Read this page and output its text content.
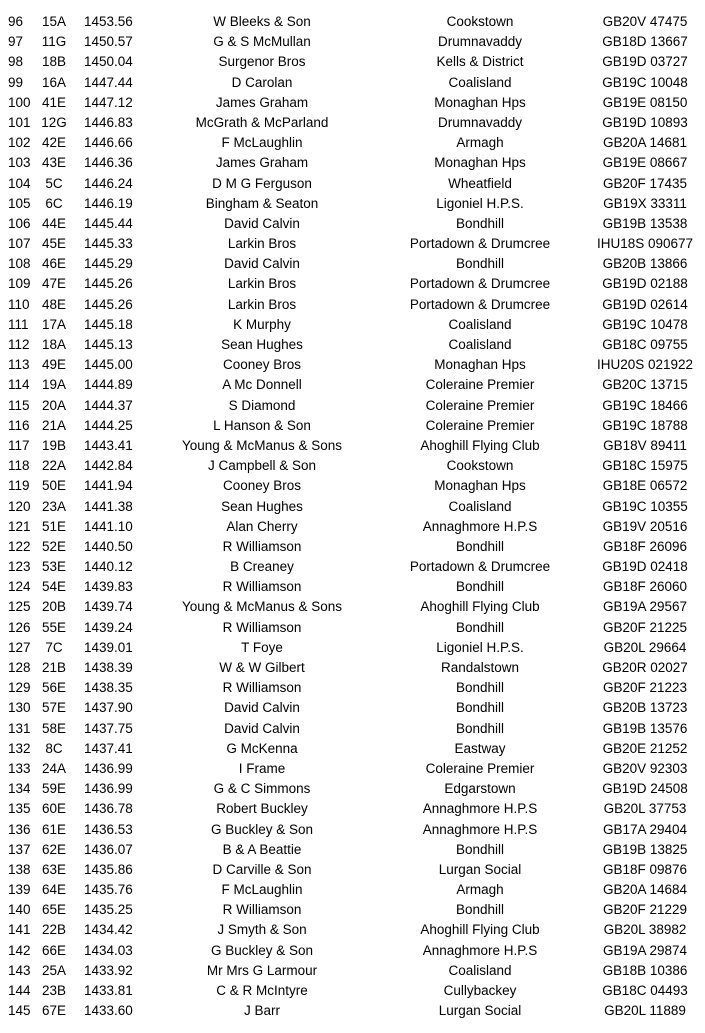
96	15A	1453.56	W Bleeks & Son	Cookstown	GB20V 47475
97	11G	1450.57	G & S McMullan	Drumnavaddy	GB18D 13667
98	18B	1450.04	Surgenor Bros	Kells & District	GB19D 03727
99	16A	1447.44	D Carolan	Coalisland	GB19C 10048
100 41E	1447.12	James Graham	Monaghan Hps	GB19E 08150
101 12G	1446.83	McGrath & McParland	Drumnavaddy	GB19D 10893
102 42E	1446.66	F McLaughlin	Armagh	GB20A 14681
103 43E	1446.36	James Graham	Monaghan Hps	GB19E 08667
104	5C	1446.24	D M G Ferguson	Wheatfield	GB20F 17435
105	6C	1446.19	Bingham & Seaton	Ligoniel H.P.S.	GB19X 33311
106 44E	1445.44	David Calvin	Bondhill	GB19B 13538
107 45E	1445.33	Larkin Bros	Portadown & Drumcree	IHU18S 090677
108 46E	1445.29	David Calvin	Bondhill	GB20B 13866
109 47E	1445.26	Larkin Bros	Portadown & Drumcree	GB19D 02188
110 48E	1445.26	Larkin Bros	Portadown & Drumcree	GB19D 02614
111 17A	1445.18	K Murphy	Coalisland	GB19C 10478
112 18A	1445.13	Sean Hughes	Coalisland	GB18C 09755
113 49E	1445.00	Cooney Bros	Monaghan Hps	IHU20S 021922
114 19A	1444.89	A Mc Donnell	Coleraine Premier	GB20C 13715
115 20A	1444.37	S Diamond	Coleraine Premier	GB19C 18466
116 21A	1444.25	L Hanson & Son	Coleraine Premier	GB19C 18788
117 19B	1443.41	Young & McManus & Sons	Ahoghill Flying Club	GB18V 89411
118 22A	1442.84	J Campbell & Son	Cookstown	GB18C 15975
119 50E	1441.94	Cooney Bros	Monaghan Hps	GB18E 06572
120 23A	1441.38	Sean Hughes	Coalisland	GB19C 10355
121 51E	1441.10	Alan Cherry	Annaghmore H.P.S	GB19V 20516
122 52E	1440.50	R Williamson	Bondhill	GB18F 26096
123 53E	1440.12	B Creaney	Portadown & Drumcree	GB19D 02418
124 54E	1439.83	R Williamson	Bondhill	GB18F 26060
125 20B	1439.74	Young & McManus & Sons	Ahoghill Flying Club	GB19A 29567
126 55E	1439.24	R Williamson	Bondhill	GB20F 21225
127	7C	1439.01	T Foye	Ligoniel H.P.S.	GB20L 29664
128 21B	1438.39	W & W Gilbert	Randalstown	GB20R 02027
129 56E	1438.35	R Williamson	Bondhill	GB20F 21223
130 57E	1437.90	David Calvin	Bondhill	GB20B 13723
131 58E	1437.75	David Calvin	Bondhill	GB19B 13576
132	8C	1437.41	G McKenna	Eastway	GB20E 21252
133 24A	1436.99	I Frame	Coleraine Premier	GB20V 92303
134 59E	1436.99	G & C Simmons	Edgarstown	GB19D 24508
135 60E	1436.78	Robert Buckley	Annaghmore H.P.S	GB20L 37753
136 61E	1436.53	G Buckley & Son	Annaghmore H.P.S	GB17A 29404
137 62E	1436.07	B & A Beattie	Bondhill	GB19B 13825
138 63E	1435.86	D Carville & Son	Lurgan Social	GB18F 09876
139 64E	1435.76	F McLaughlin	Armagh	GB20A 14684
140 65E	1435.25	R Williamson	Bondhill	GB20F 21229
141 22B	1434.42	J Smyth & Son	Ahoghill Flying Club	GB20L 38982
142 66E	1434.03	G Buckley & Son	Annaghmore H.P.S	GB19A 29874
143 25A	1433.92	Mr Mrs G Larmour	Coalisland	GB18B 10386
144 23B	1433.81	C & R McIntyre	Cullybackey	GB18C 04493
145 67E	1433.60	J Barr	Lurgan Social	GB20L 11889
